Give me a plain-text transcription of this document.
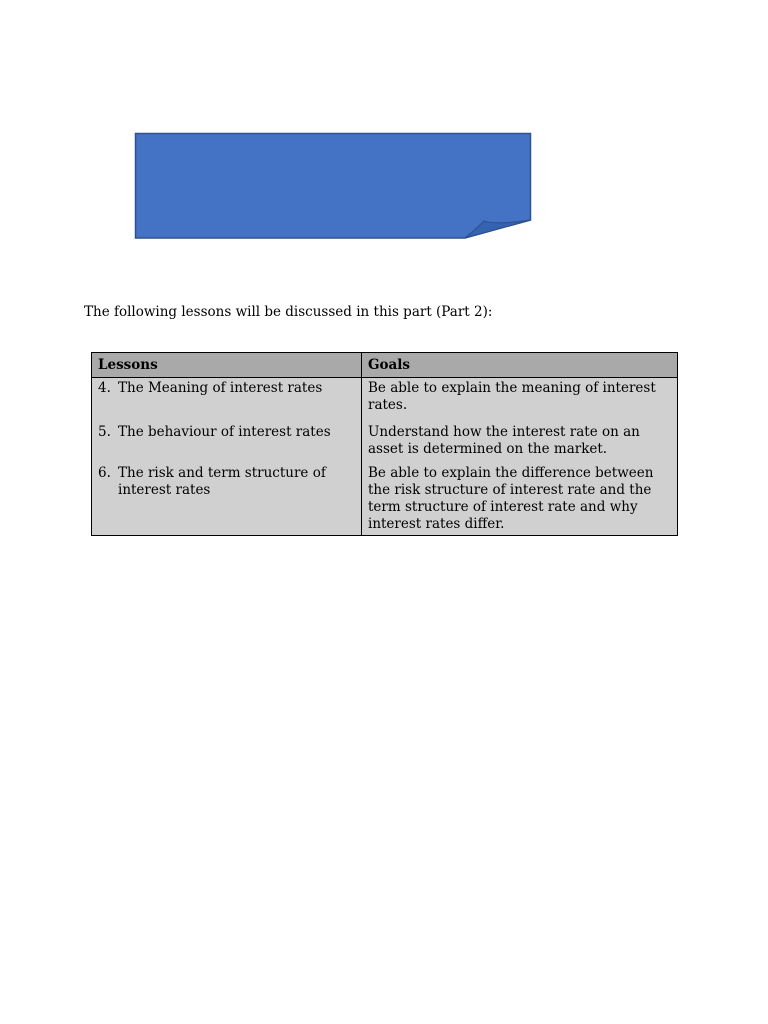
The following lessons will be discussed in this part (Part 2):

Lessons	Goals

4. The Meaning of interest rates	Be able to explain the meaning of interest rates.

5. The behaviour of interest rates	Understand how the interest rate on an asset is determined on the market.

6. The risk and term structure of interest rates	Be able to explain the difference between the risk structure of interest rate and the term structure of interest rate and why interest rates differ.
